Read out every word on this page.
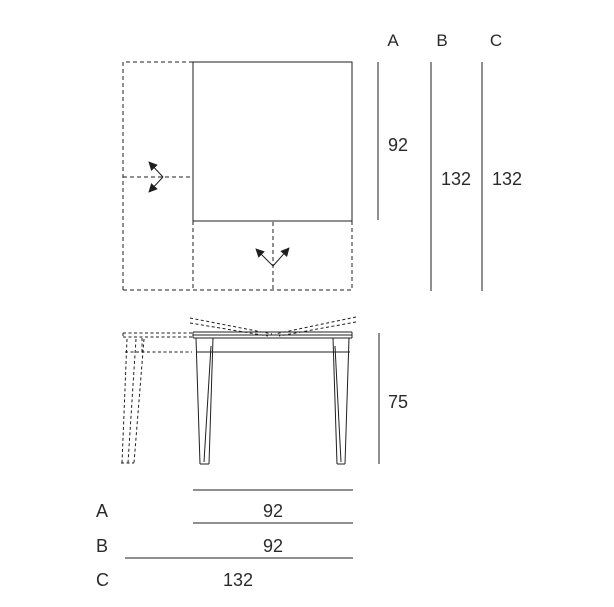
A
92
B
132
C
132
75
A	92
B	92
C	132
